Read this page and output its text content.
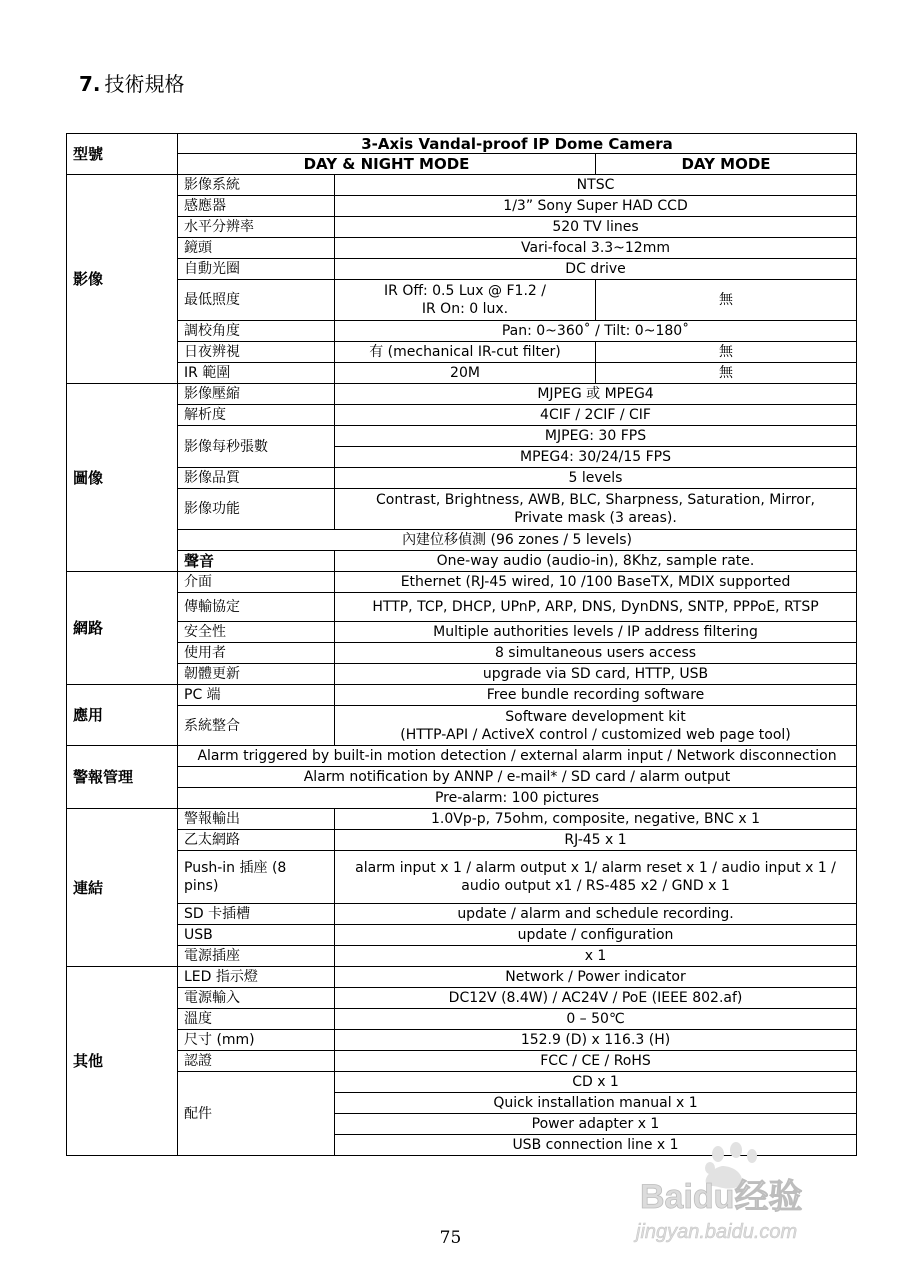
7. 技術規格
型號	3-Axis Vandal-proof IP Dome Camera		
	DAY & NIGHT MODE		DAY MODE
影像	影像系統	NTSC	
	感應器	1/3” Sony Super HAD CCD	
	水平分辨率	520 TV lines	
	鏡頭	Vari-focal 3.3~12mm	
	自動光圈	DC drive	
	最低照度	IR Off: 0.5 Lux @ F1.2 / IR On: 0 lux.	無
	調校角度	Pan: 0~360˚ / Tilt: 0~180˚	
	日夜辨視	有 (mechanical IR-cut filter)	無
	IR 範圍	20M	無
圖像	影像壓縮	MJPEG 或 MPEG4	
	解析度	4CIF / 2CIF / CIF	
	影像每秒張數	MJPEG: 30 FPS	
		MPEG4: 30/24/15 FPS	
	影像品質	5 levels	
	影像功能	Contrast, Brightness, AWB, BLC, Sharpness, Saturation, Mirror, Private mask (3 areas).	
	內建位移偵測 (96 zones / 5 levels)		
	聲音	One-way audio (audio-in), 8Khz, sample rate.	
網路	介面	Ethernet (RJ-45 wired, 10 /100 BaseTX, MDIX supported	
	傳輸協定	HTTP, TCP, DHCP, UPnP, ARP, DNS, DynDNS, SNTP, PPPoE, RTSP	
	安全性	Multiple authorities levels / IP address filtering	
	使用者	8 simultaneous users access	
	韌體更新	upgrade via SD card, HTTP, USB	
應用	PC 端	Free bundle recording software	
	系統整合	Software development kit
(HTTP-API / ActiveX control / customized web page tool)	

警報管理	Alarm triggered by built-in motion detection / external alarm input / Network disconnection		
	Alarm notification by ANNP / e-mail* / SD card / alarm output		
	Pre-alarm: 100 pictures		
連結	警報輸出	1.0Vp-p, 75ohm, composite, negative, BNC x 1	
	乙太網路	RJ-45 x 1	
	Push-in 插座 (8 pins)	alarm input x 1 / alarm output x 1/ alarm reset x 1 / audio input x 1 /
audio output x1 / RS-485 x2 / GND x 1	

	SD 卡插槽	update / alarm and schedule recording.	
	USB	update / configuration	
	電源插座	x 1	
其他	LED 指示燈	Network / Power indicator	
	電源輸入	DC12V (8.4W) / AC24V / PoE (IEEE 802.af)	
	溫度	0 – 50℃	
	尺寸 (mm)	152.9 (D) x 116.3 (H)	
	認證	FCC / CE / RoHS	
	配件	CD x 1	
		Quick installation manual x 1	
		Power adapter x 1	
		USB connection line x 1	
Baidu经验
jingyan.baidu.com
75
